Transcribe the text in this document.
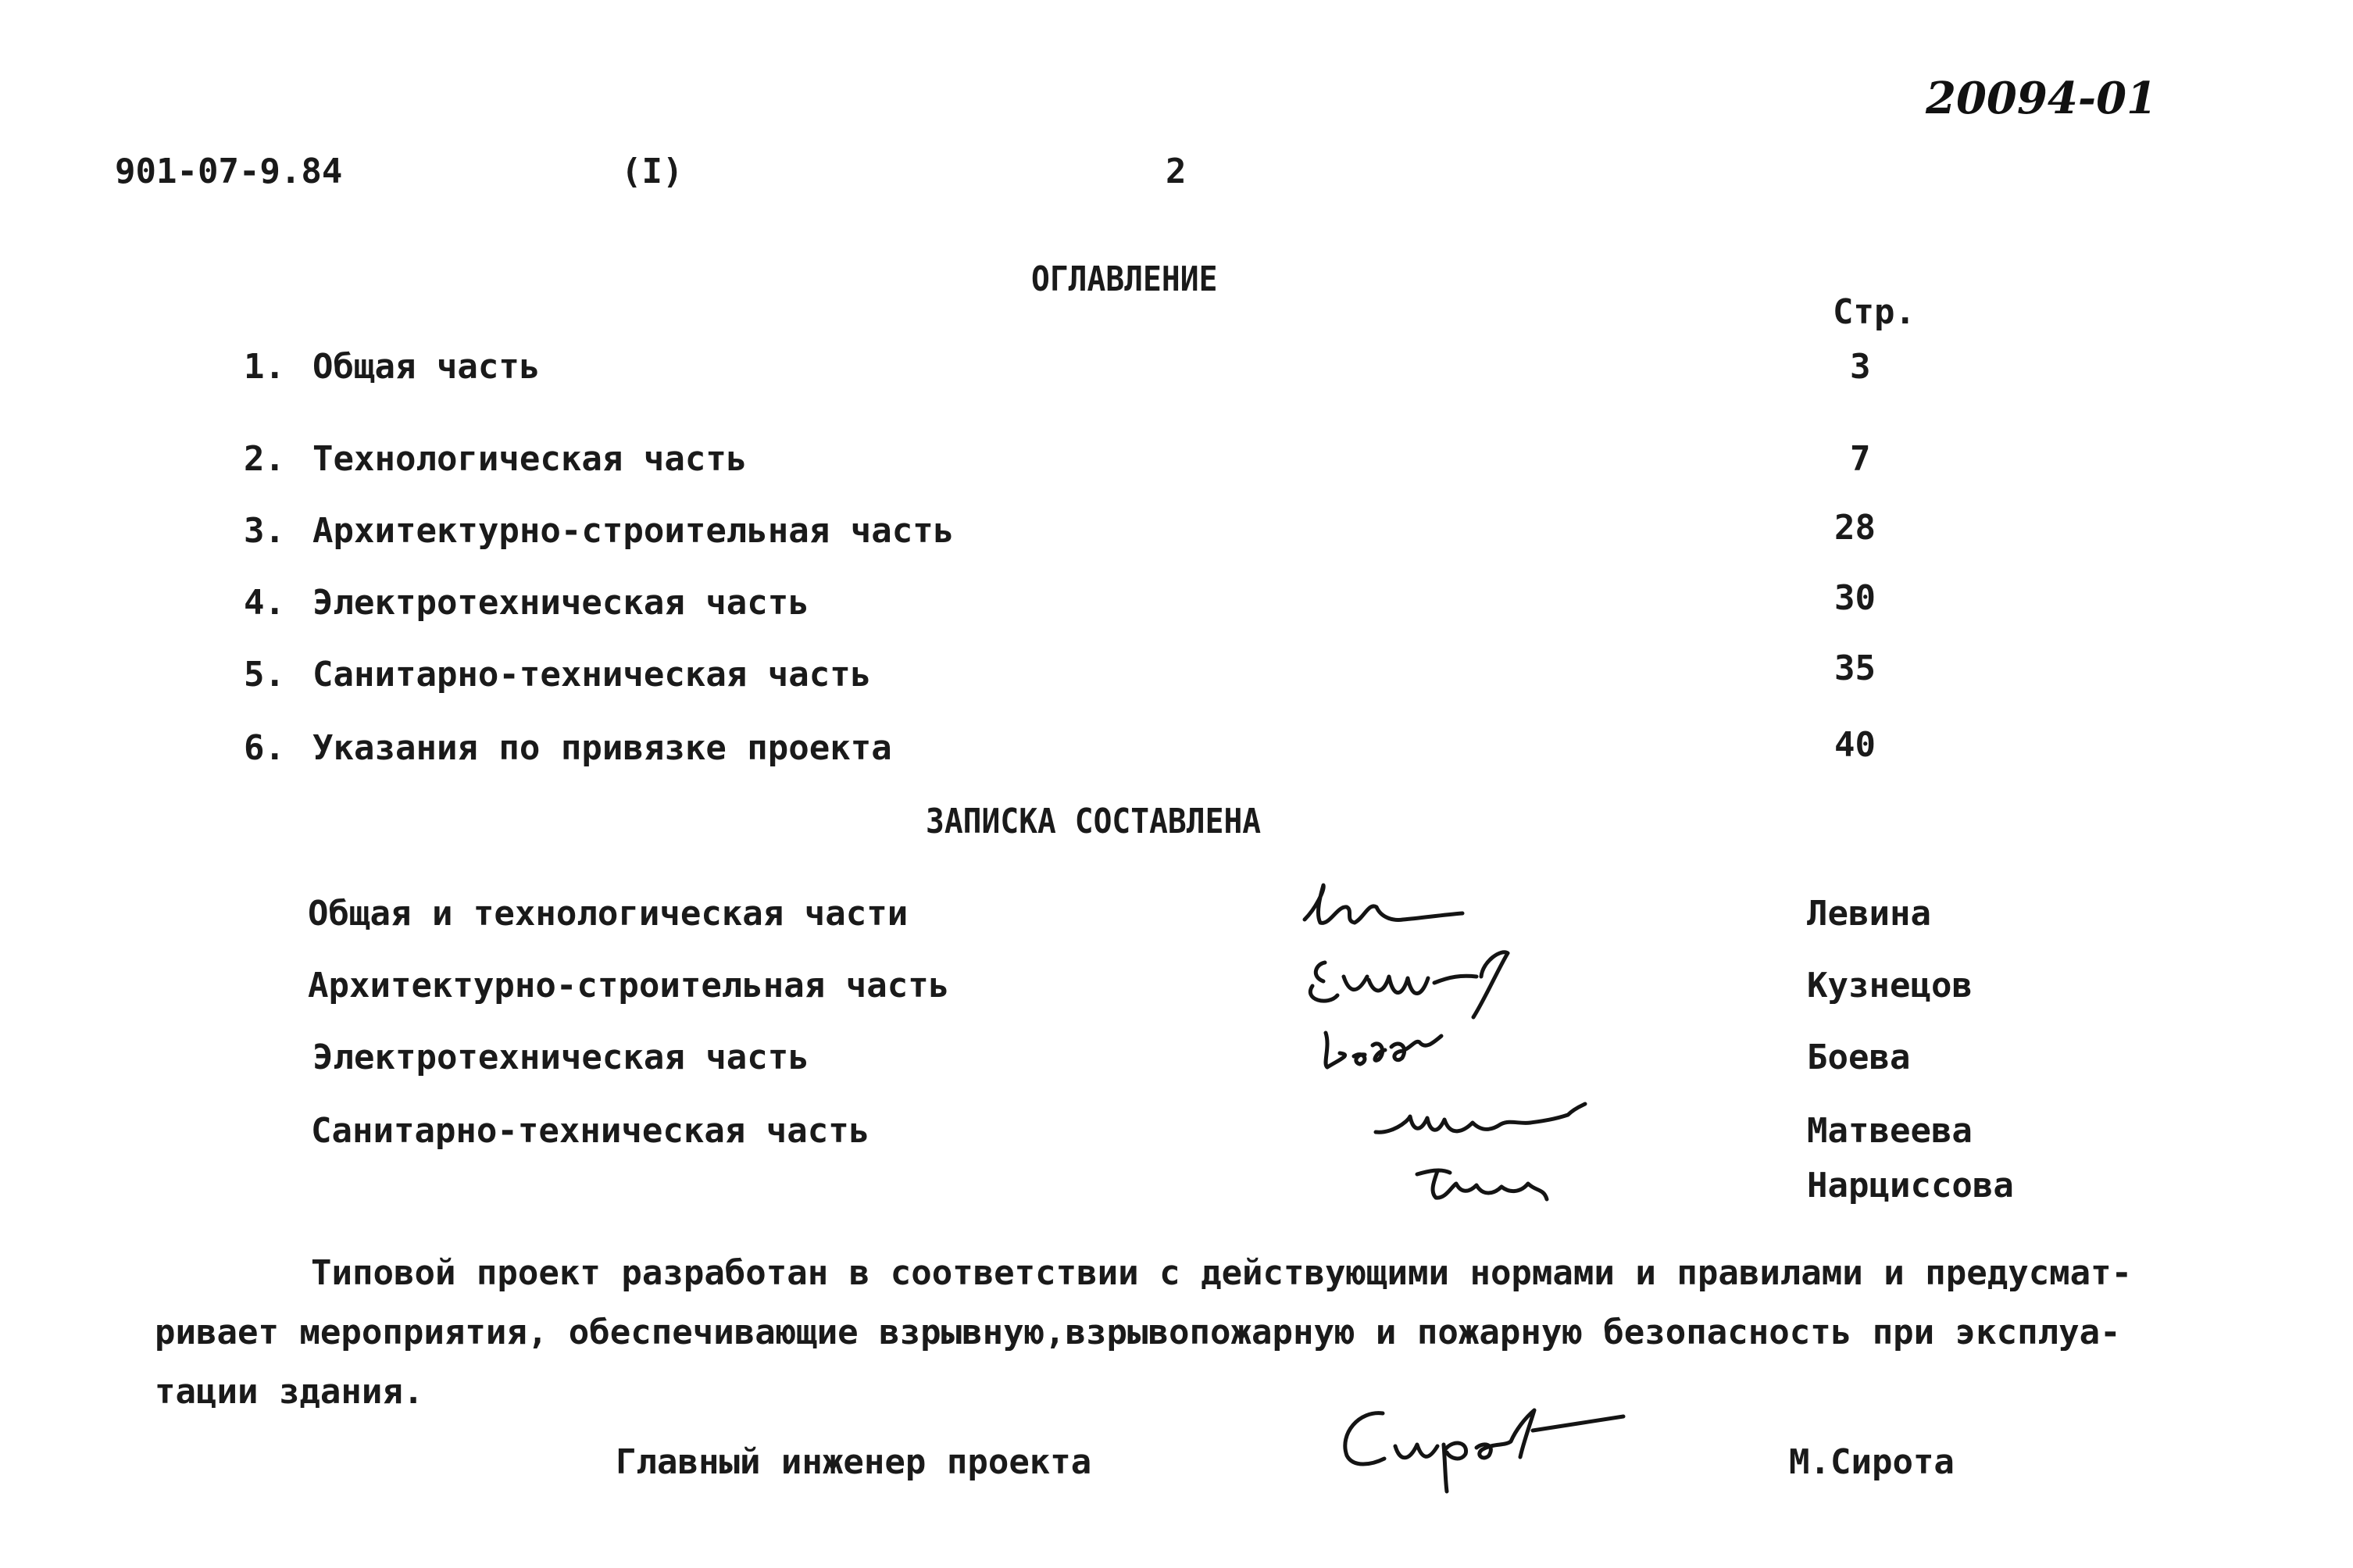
20094-01
901-07-9.84	(I)	2
ОГЛАВЛЕНИЕ
Стр.
1. Общая часть	3
2. Технологическая часть	7
3. Архитектурно-строительная часть	28
4. Электротехническая часть	30
5. Санитарно-техническая часть	35
6. Указания по привязке проекта	40
ЗАПИСКА СОСТАВЛЕНА
Общая и технологическая части	Левина
Архитектурно-строительная часть	Кузнецов
Электротехническая часть	Боева
Санитарно-техническая часть	Матвеева
Нарциссова
Типовой проект разработан в соответствии с действующими нормами и правилами и предусмат-
ривает мероприятия, обеспечивающие взрывную,взрывопожарную и пожарную безопасность при эксплуа-
тации здания.
Главный инженер проекта	М.Сирота
